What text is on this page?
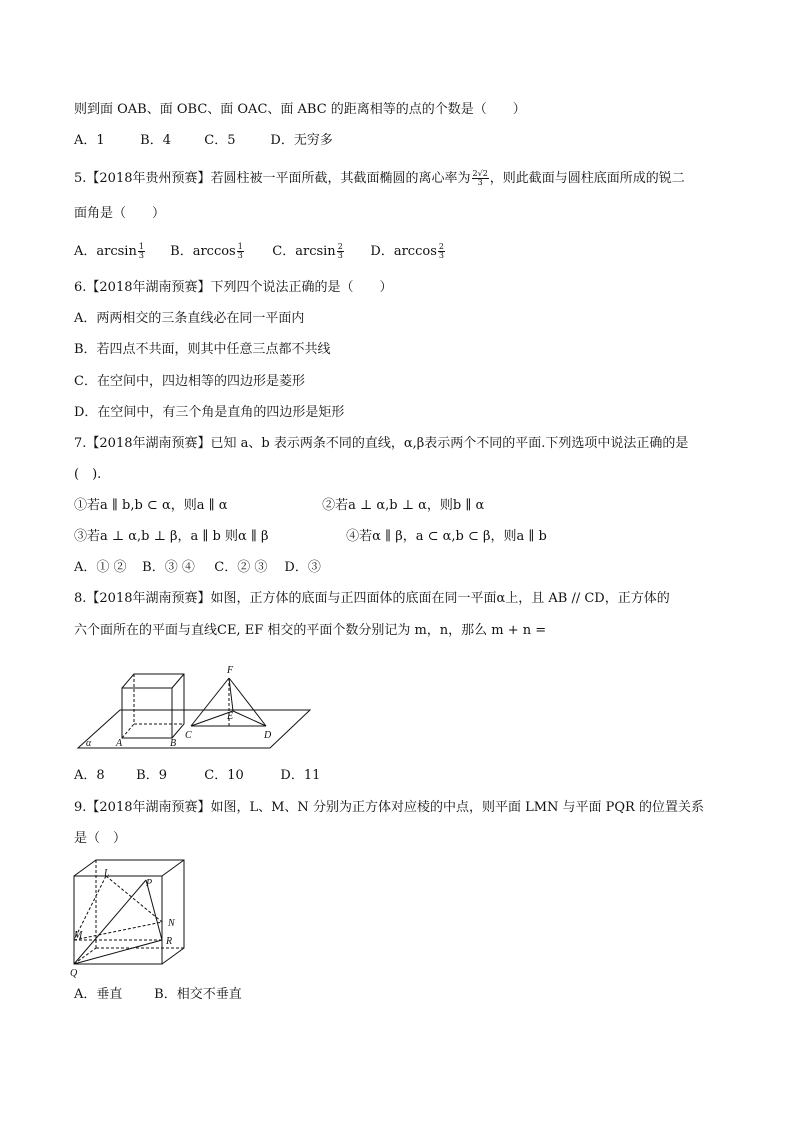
则到面 OAB、面 OBC、面 OAC、面 ABC 的距离相等的点的个数是（　　）
A．1	B．4	C．5	D．无穷多
5.【2018年贵州预赛】若圆柱被一平面所截，其截面椭圆的离心率为 $\frac{2√2}{3}$ ，则此截面与圆柱底面所成的锐二
面角是（　　）
A．$\arcsin \frac{1}{3}$ B．$\arccos \frac{1}{3}$ C．$\arcsin \frac{2}{3}$ D．$\arccos \frac{2}{3}$
6.【2018年湖南预赛】下列四个说法正确的是（　　）
A．两两相交的三条直线必在同一平面内
B．若四点不共面，则其中任意三点都不共线
C．在空间中，四边相等的四边形是菱形
D．在空间中，有三个角是直角的四边形是矩形
7.【2018年湖南预赛】已知 a、b 表示两条不同的直线，α,β表示两个不同的平面.下列选项中说法正确的是
(　).
①若a ∥ b,b ⊂ α，则a ∥ α	②若a ⊥ α,b ⊥ α，则b ∥ α
③若a ⊥ α,b ⊥ β，a ∥ b 则α ∥ β	④若α ∥ β，a ⊂ α,b ⊂ β，则a ∥ b
A．① ② B．③ ④ C．② ③ D．③
8.【2018年湖南预赛】如图，正方体的底面与正四面体的底面在同一平面α上，且 AB // CD，正方体的
六个面所在的平面与直线CE, EF 相交的平面个数分别记为 m，n，那么 m + n =
F
E
A	B
C	D
α
A．8 B．9	C．10	D．11
9.【2018年湖南预赛】如图，L、M、N 分别为正方体对应棱的中点，则平面 LMN 与平面 PQR 的位置关系
是（　）
L
P
N
M
R
Q
A．垂直 B．相交不垂直
